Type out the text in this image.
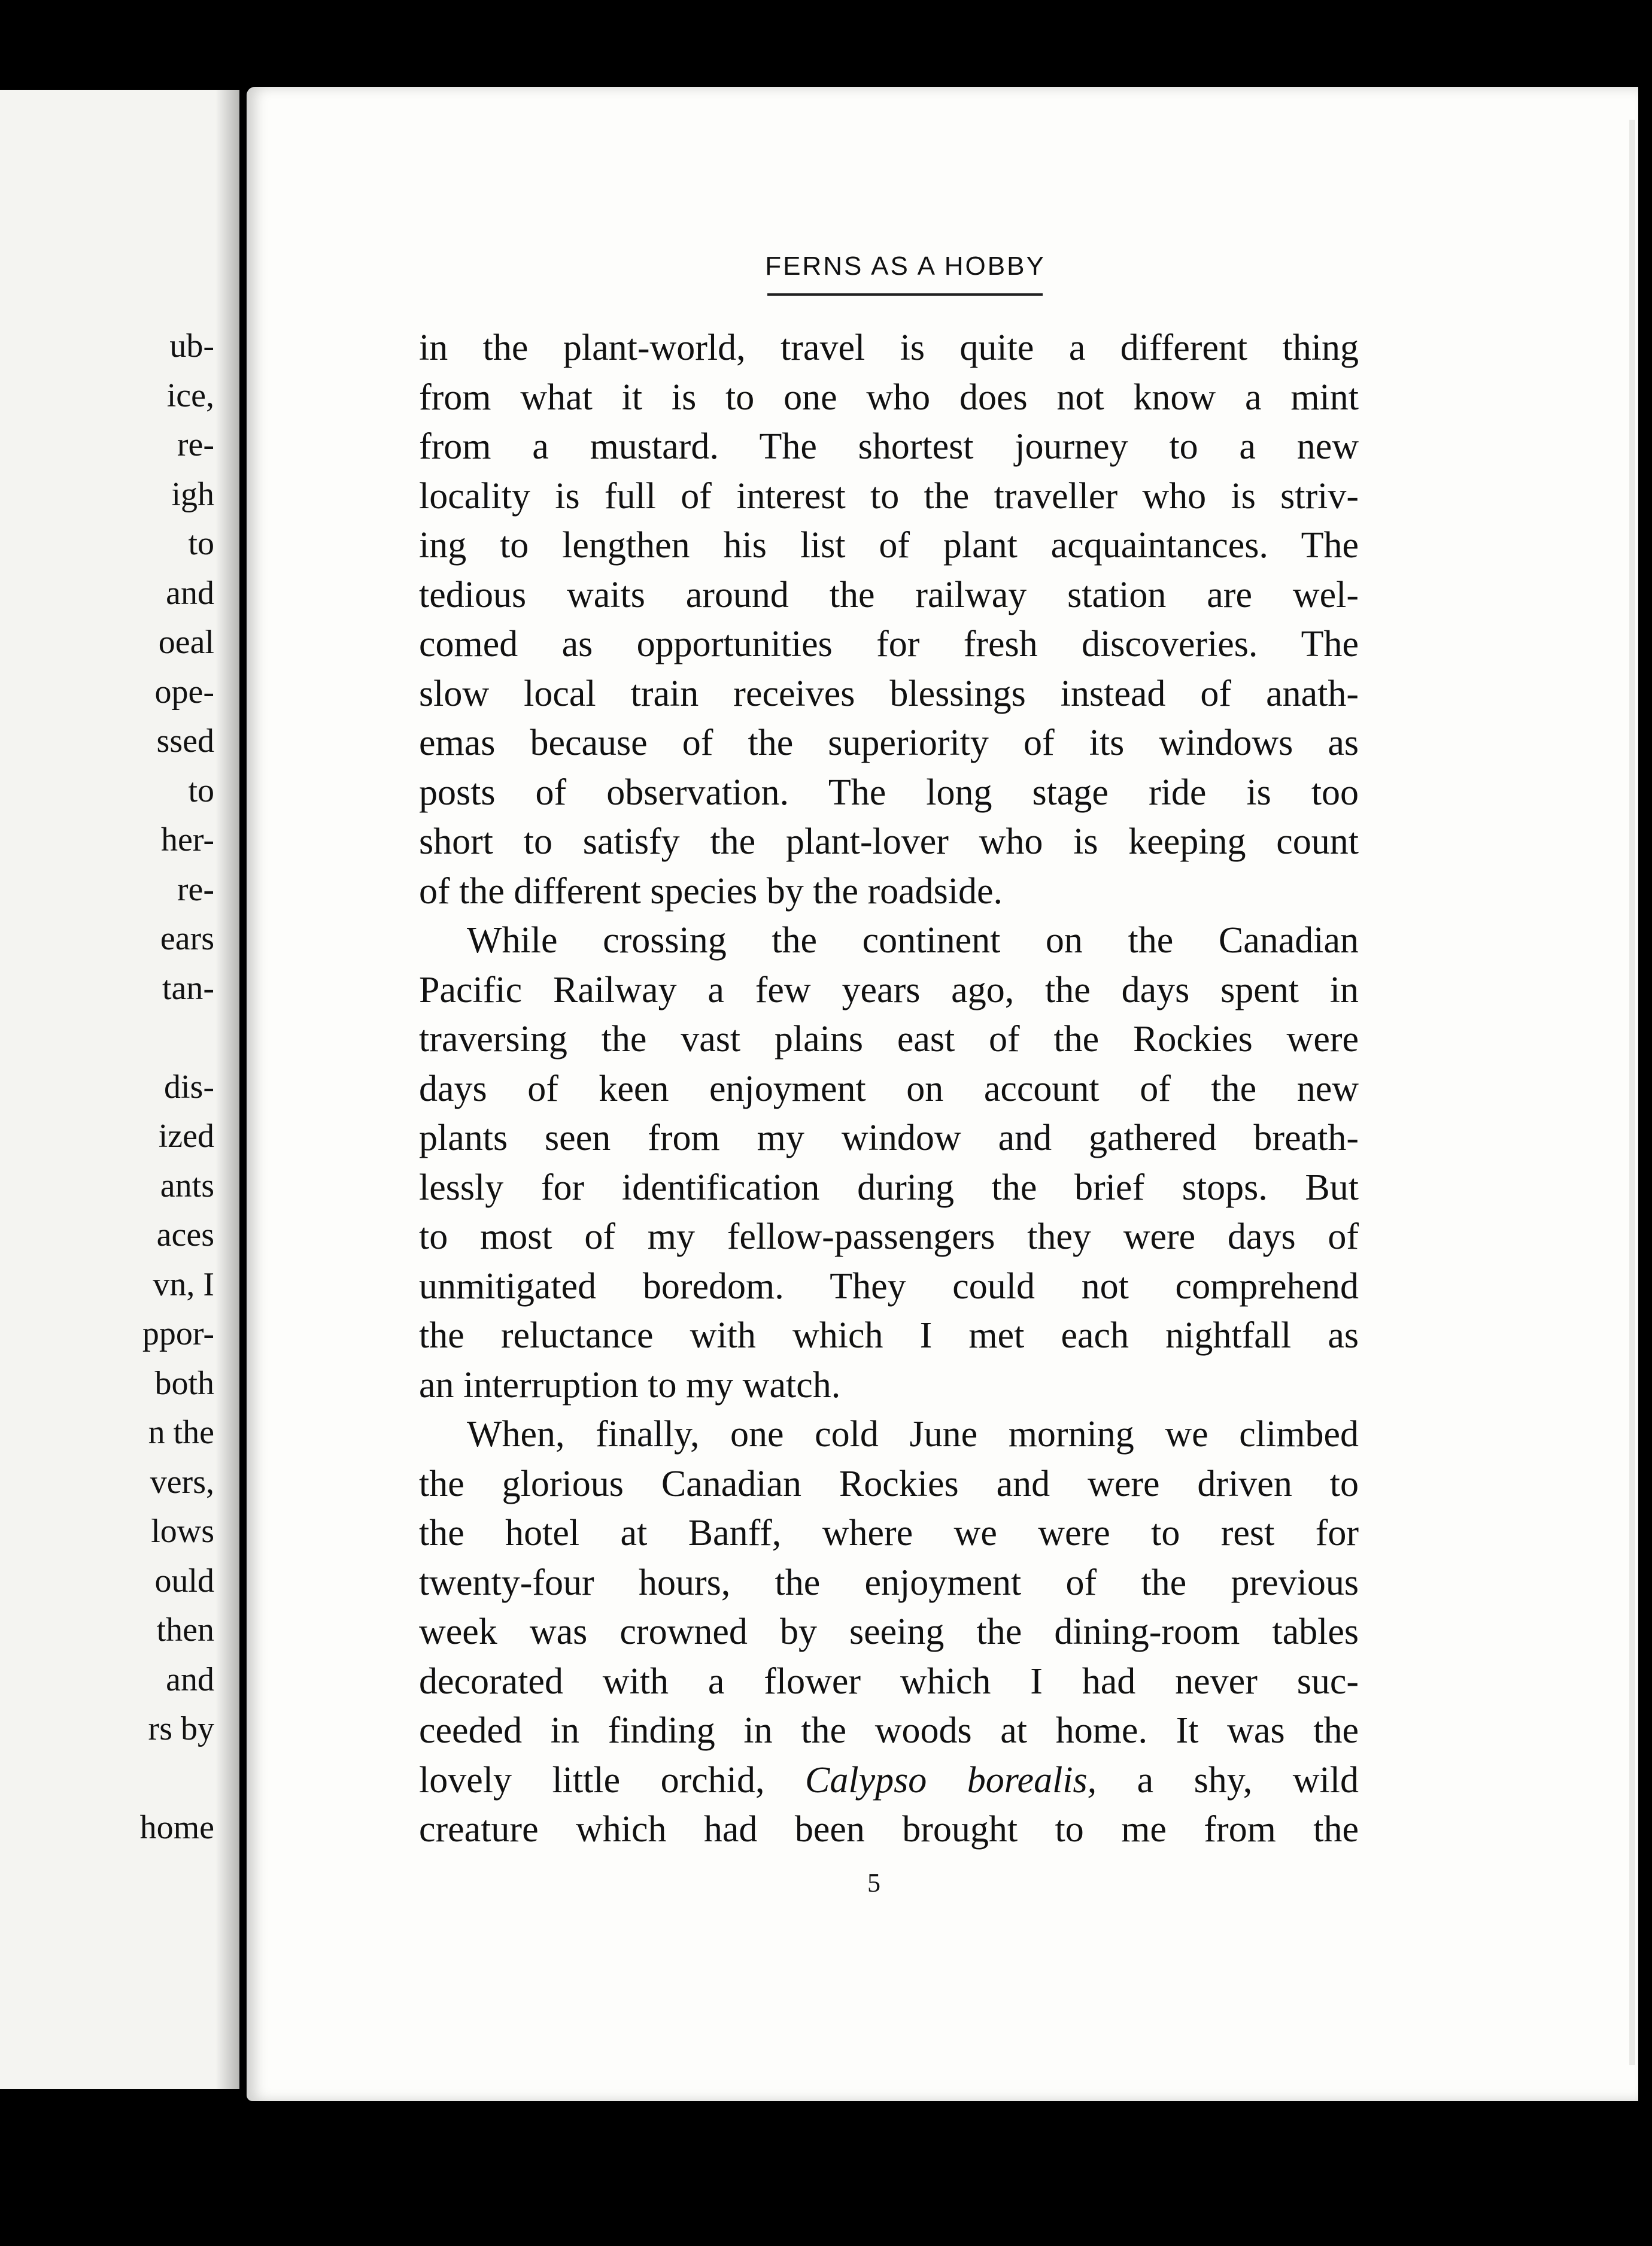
ub-
ice,
re-
igh
to
and
oeal
ope-
ssed
to
her-
re-
ears
tan-
dis-
ized
ants
aces
vn, I
ppor-
both
n the
vers,
lows
ould
then
and
rs by
home
FERNS AS A HOBBY
in the plant-world, travel is quite a different thing
from what it is to one who does not know a mint
from a mustard. The shortest journey to a new
locality is full of interest to the traveller who is striv-
ing to lengthen his list of plant acquaintances. The
tedious waits around the railway station are wel-
comed as opportunities for fresh discoveries. The
slow local train receives blessings instead of anath-
emas because of the superiority of its windows as
posts of observation. The long stage ride is too
short to satisfy the plant-lover who is keeping count
of the different species by the roadside.
While crossing the continent on the Canadian
Pacific Railway a few years ago, the days spent in
traversing the vast plains east of the Rockies were
days of keen enjoyment on account of the new
plants seen from my window and gathered breath-
lessly for identification during the brief stops. But
to most of my fellow-passengers they were days of
unmitigated boredom. They could not comprehend
the reluctance with which I met each nightfall as
an interruption to my watch.
When, finally, one cold June morning we climbed
the glorious Canadian Rockies and were driven to
the hotel at Banff, where we were to rest for
twenty-four hours, the enjoyment of the previous
week was crowned by seeing the dining-room tables
decorated with a flower which I had never suc-
ceeded in finding in the woods at home. It was the
lovely little orchid, Calypso borealis, a shy, wild
creature which had been brought to me from the
5
